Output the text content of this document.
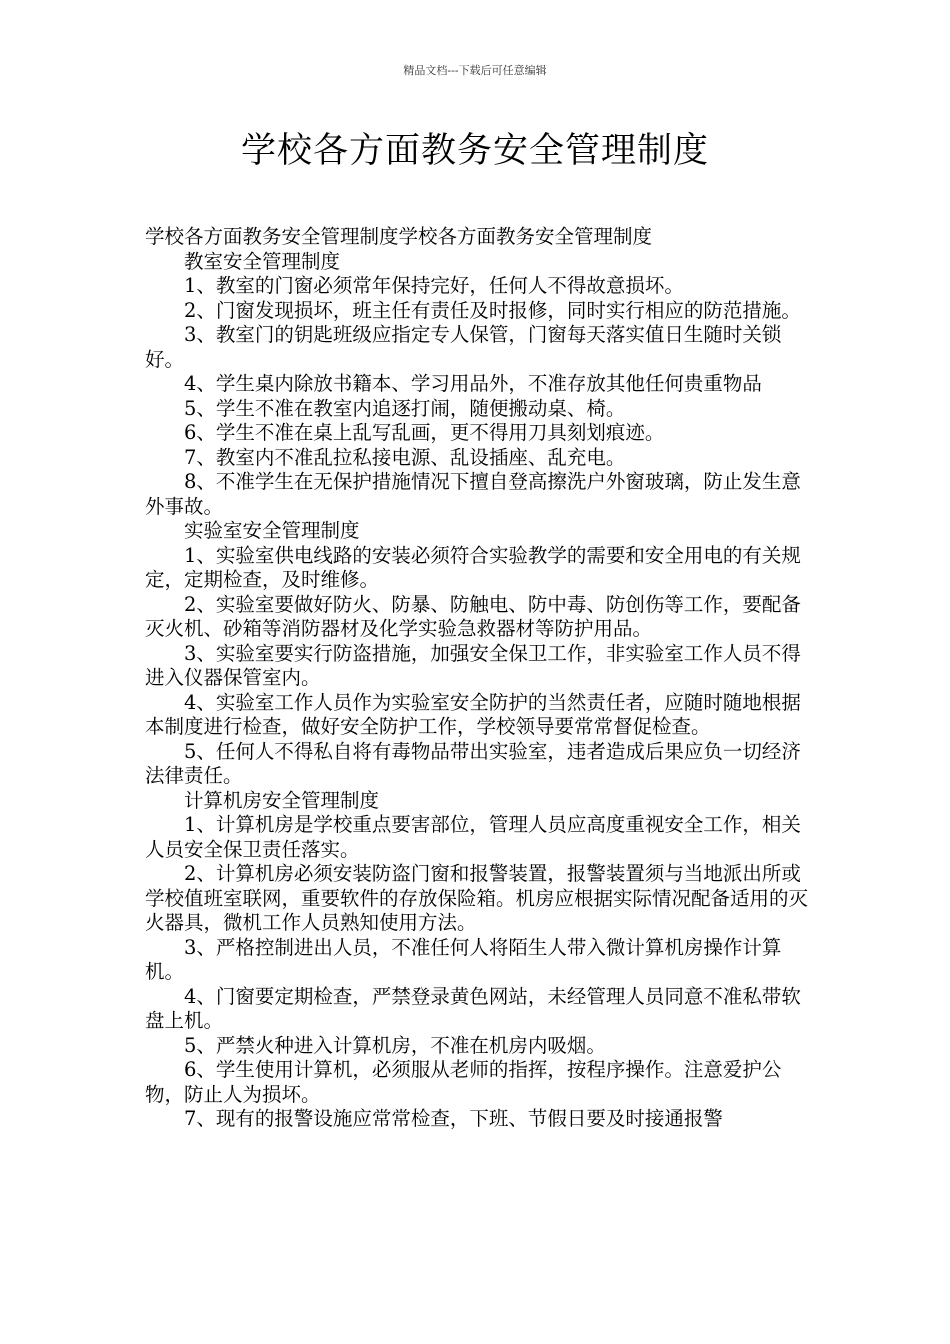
精品文档---下载后可任意编辑
学校各方面教务安全管理制度

学校各方面教务安全管理制度学校各方面教务安全管理制度

教室安全管理制度

1、教室的门窗必须常年保持完好，任何人不得故意损坏。

2、门窗发现损坏，班主任有责任及时报修，同时实行相应的防范措施。

3、教室门的钥匙班级应指定专人保管，门窗每天落实值日生随时关锁好。

4、学生桌内除放书籍本、学习用品外，不准存放其他任何贵重物品

5、学生不准在教室内追逐打闹，随便搬动桌、椅。

6、学生不准在桌上乱写乱画，更不得用刀具刻划痕迹。

7、教室内不准乱拉私接电源、乱设插座、乱充电。

8、不准学生在无保护措施情况下擅自登高擦洗户外窗玻璃，防止发生意外事故。

实验室安全管理制度

1、实验室供电线路的安装必须符合实验教学的需要和安全用电的有关规定，定期检查，及时维修。

2、实验室要做好防火、防暴、防触电、防中毒、防创伤等工作，要配备灭火机、砂箱等消防器材及化学实验急救器材等防护用品。

3、实验室要实行防盗措施，加强安全保卫工作，非实验室工作人员不得进入仪器保管室内。

4、实验室工作人员作为实验室安全防护的当然责任者，应随时随地根据本制度进行检查，做好安全防护工作，学校领导要常常督促检查。

5、任何人不得私自将有毒物品带出实验室，违者造成后果应负一切经济法律责任。

计算机房安全管理制度

1、计算机房是学校重点要害部位，管理人员应高度重视安全工作，相关人员安全保卫责任落实。

2、计算机房必须安装防盗门窗和报警装置，报警装置须与当地派出所或学校值班室联网，重要软件的存放保险箱。机房应根据实际情况配备适用的灭火器具，微机工作人员熟知使用方法。

3、严格控制进出人员，不准任何人将陌生人带入微计算机房操作计算机。

4、门窗要定期检查，严禁登录黄色网站，未经管理人员同意不准私带软盘上机。

5、严禁火种进入计算机房，不准在机房内吸烟。

6、学生使用计算机，必须服从老师的指挥，按程序操作。注意爱护公物，防止人为损坏。

7、现有的报警设施应常常检查，下班、节假日要及时接通报警
